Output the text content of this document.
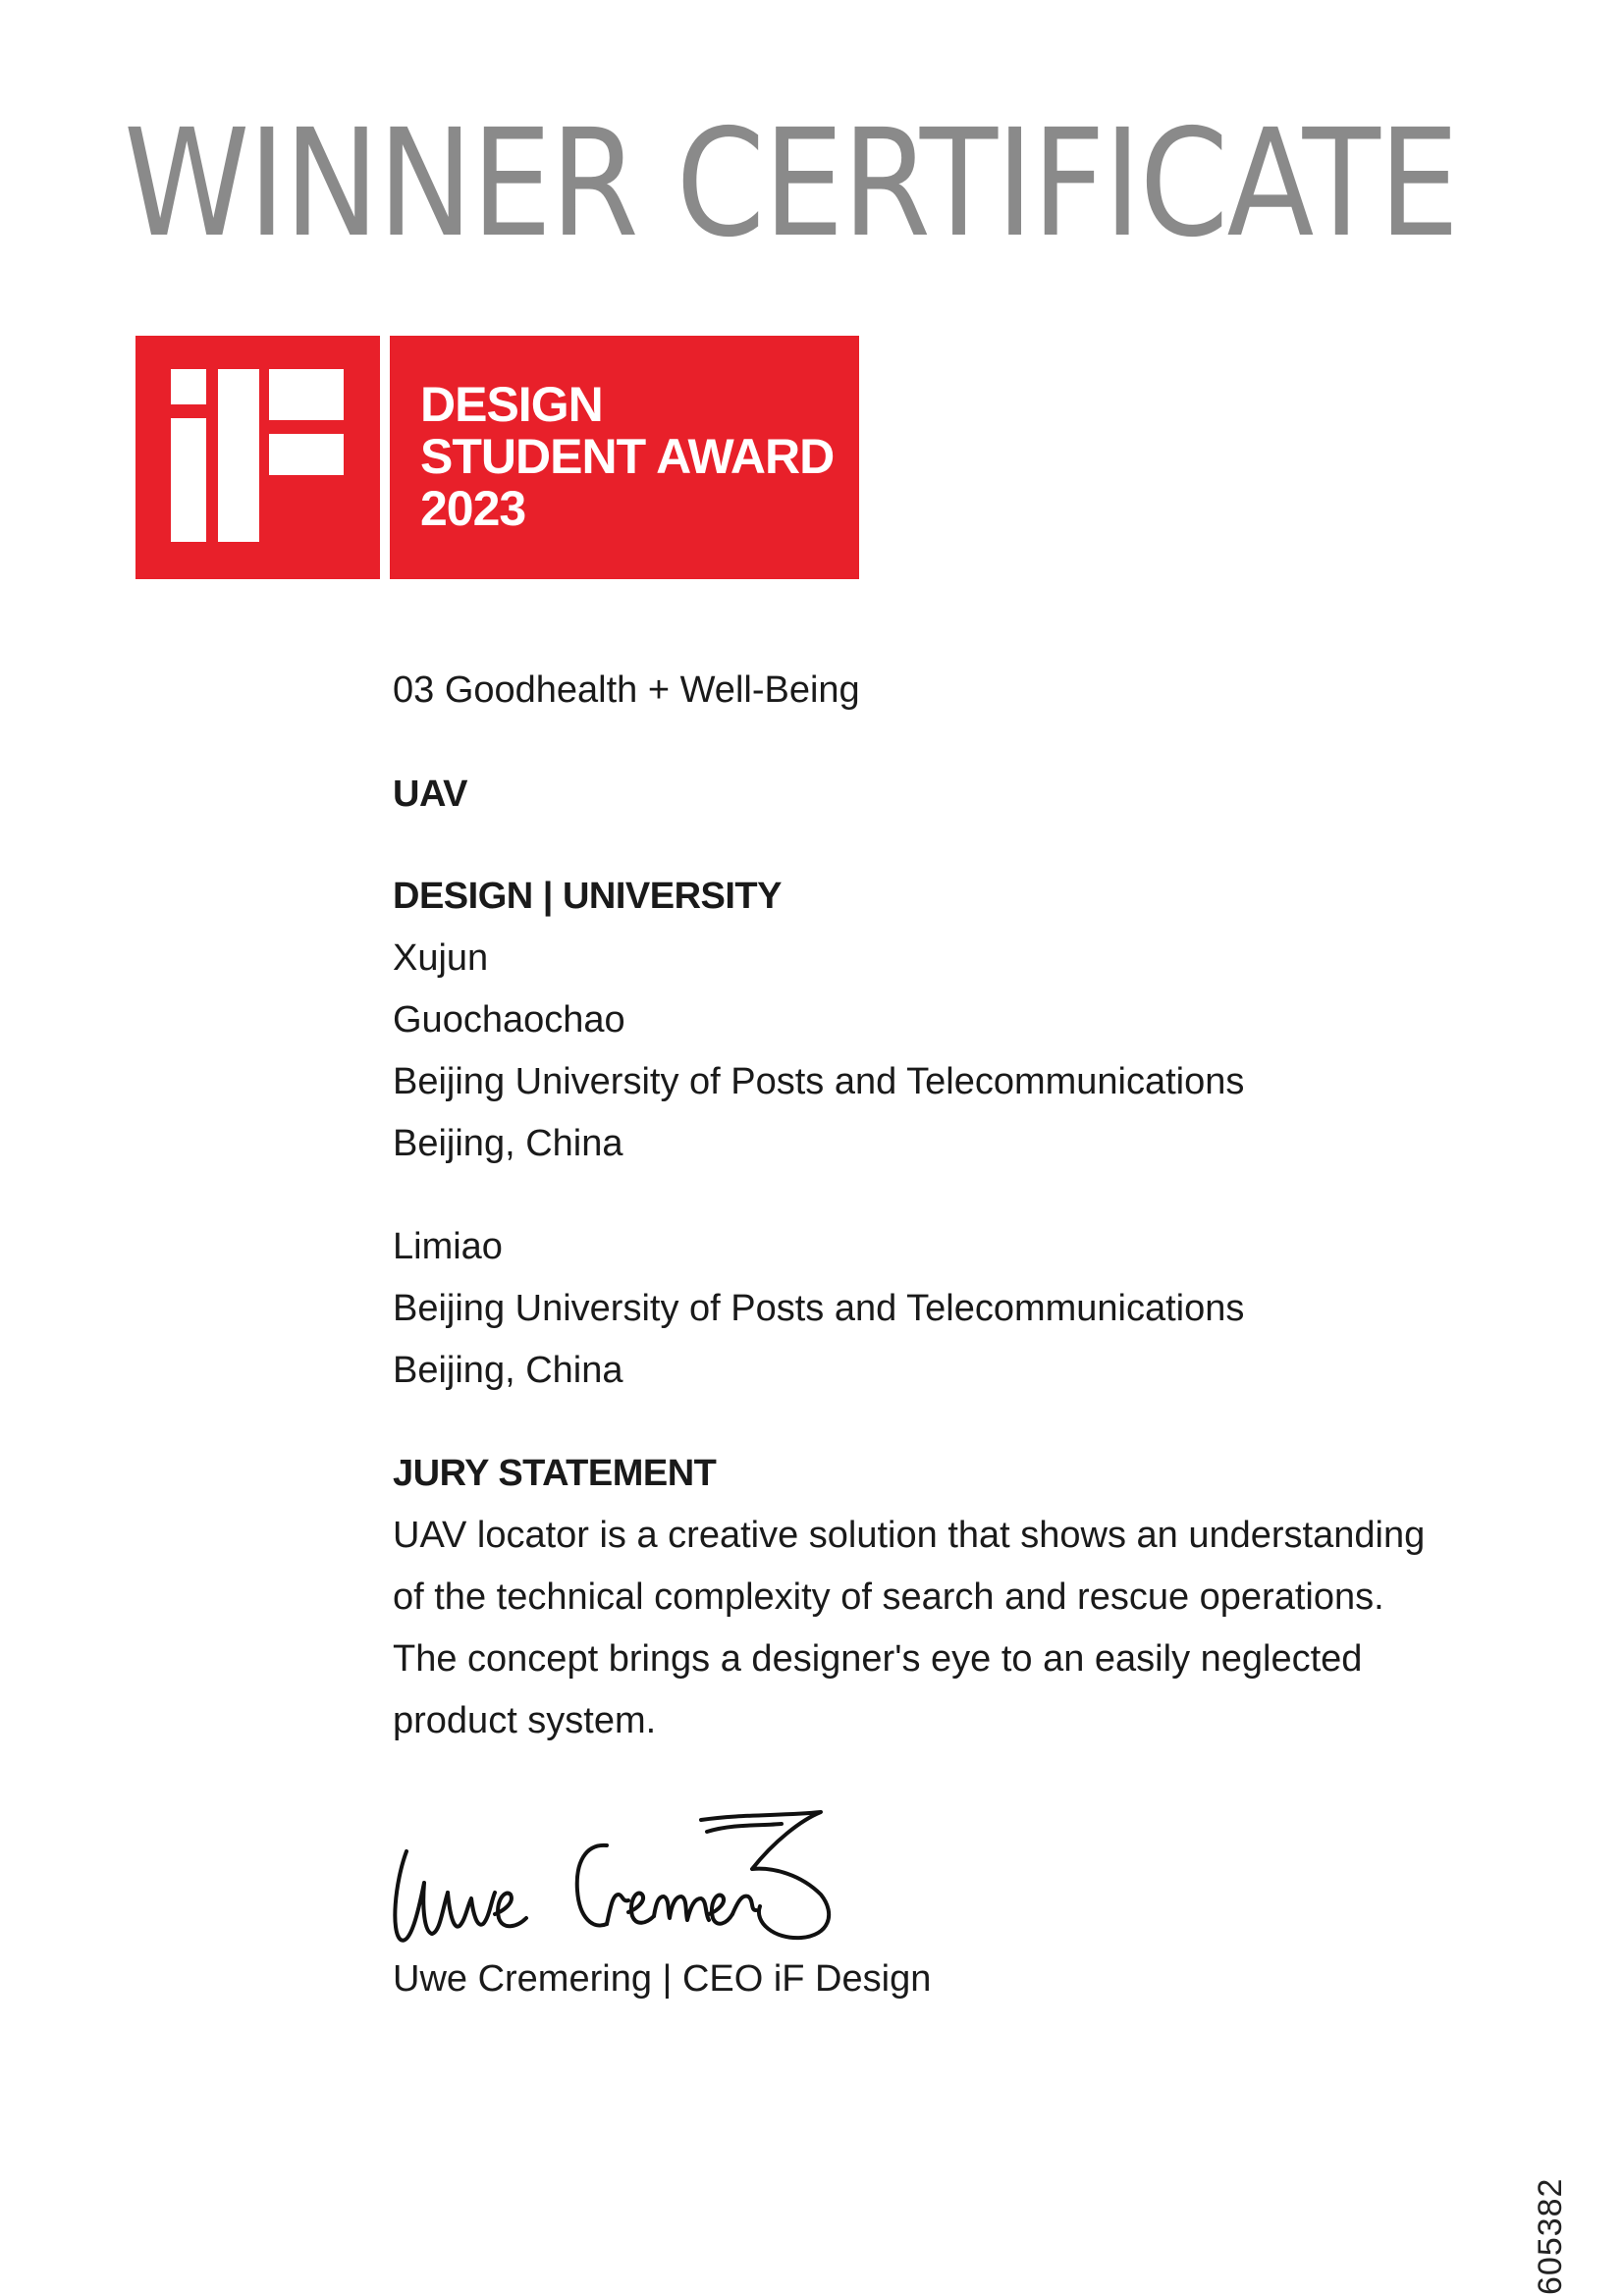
WINNER CERTIFICATE
DESIGN
STUDENT AWARD
2023
03 Goodhealth + Well-Being
UAV
DESIGN | UNIVERSITY
Xujun
Guochaochao
Beijing University of Posts and Telecommunications
Beijing, China
Limiao
Beijing University of Posts and Telecommunications
Beijing, China
JURY STATEMENT
UAV locator is a creative solution that shows an understanding
of the technical complexity of search and rescue operations.
The concept brings a designer's eye to an easily neglected
product system.
Uwe Cremering | CEO iF Design
605382
